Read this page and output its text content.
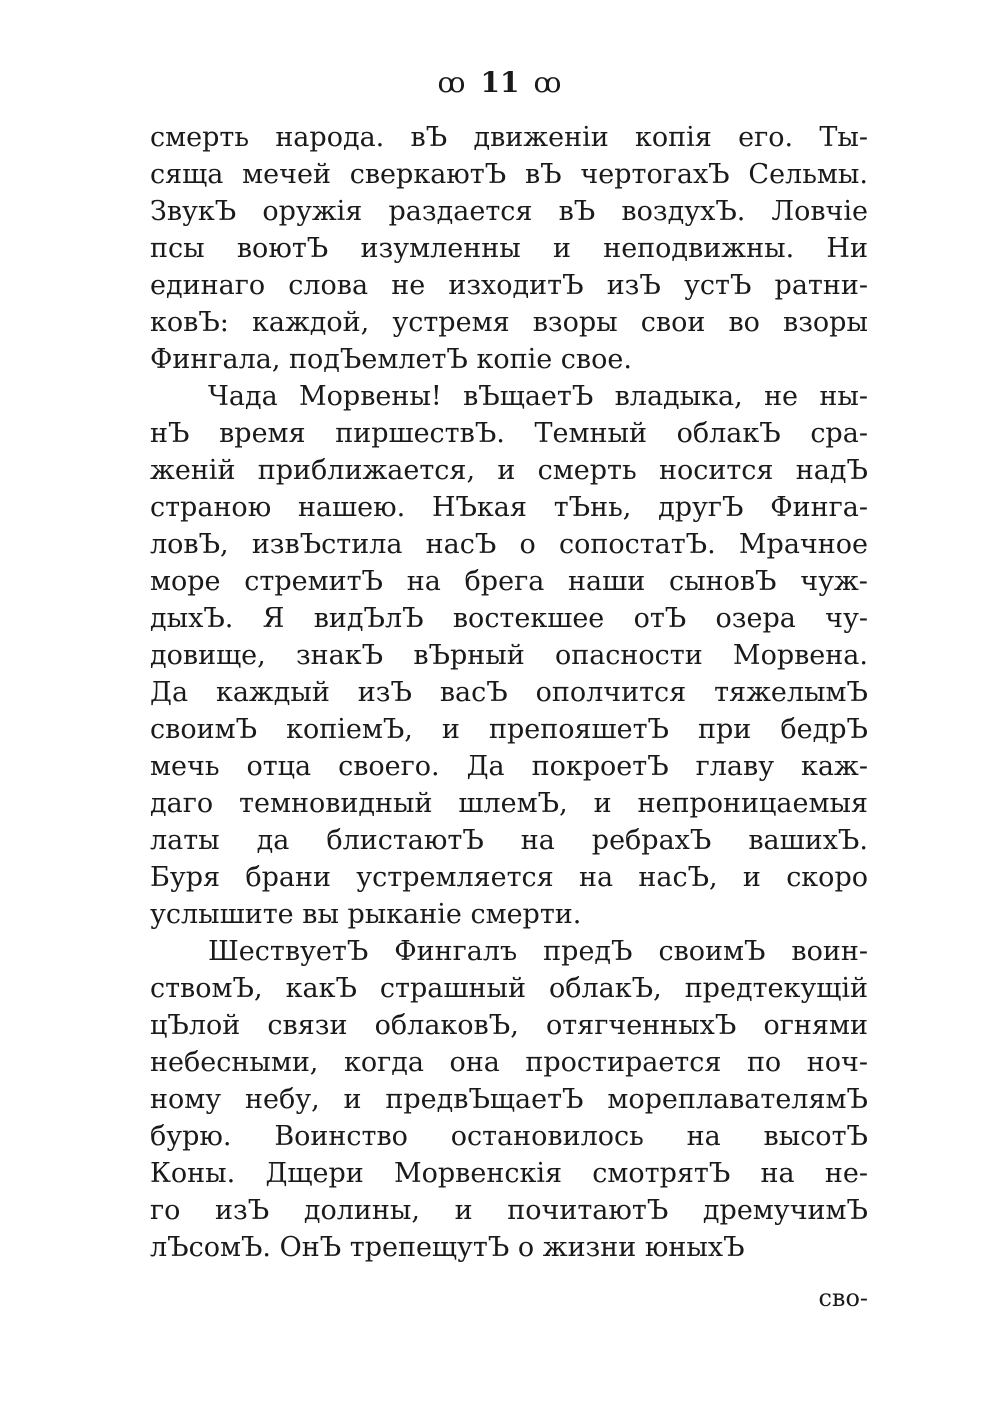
ꝏ 11 ꝏ
смерть народа. вЪ движеніи копія его. Ты-
сяща мечей сверкаютЪ вЪ чертогахЪ Сельмы.
ЗвукЪ оружія раздается вЪ воздухЪ. Ловчіе
псы воютЪ изумленны и неподвижны. Ни
единаго слова не изходитЪ изЪ устЪ ратни-
ковЪ: каждой, устремя взоры свои во взоры
Фингала, подЪемлетЪ копіе свое.
Чада Морвены! вЪщаетЪ владыка, не ны-
нЪ время пиршествЪ. Темный облакЪ сра-
женій приближается, и смерть носится надЪ
страною нашею. НЪкая тЪнь, другЪ Финга-
ловЪ, извЪстила насЪ о сопостатЪ. Мрачное
море стремитЪ на брега наши сыновЪ чуж-
дыхЪ. Я видЪлЪ востекшее отЪ озера чу-
довище, знакЪ вЪрный опасности Морвена.
Да каждый изЪ васЪ ополчится тяжелымЪ
своимЪ копіемЪ, и препояшетЪ при бедрЪ
мечь отца своего. Да покроетЪ главу каж-
даго темновидный шлемЪ, и непроницаемыя
латы да блистаютЪ на ребрахЪ вашихЪ.
Буря брани устремляется на насЪ, и скоро
услышите вы рыканіе смерти.
ШествуетЪ Фингалъ предЪ своимЪ воин-
ствомЪ, какЪ страшный облакЪ, предтекущій
цЪлой связи облаковЪ, отягченныхЪ огнями
небесными, когда она простирается по ноч-
ному небу, и предвЪщаетЪ мореплавателямЪ
бурю. Воинство остановилось на высотЪ
Коны. Дщери Морвенскія смотрятЪ на не-
го изЪ долины, и почитаютЪ дремучимЪ
лЪсомЪ. ОнЪ трепещутЪ о жизни юныхЪ
сво-
